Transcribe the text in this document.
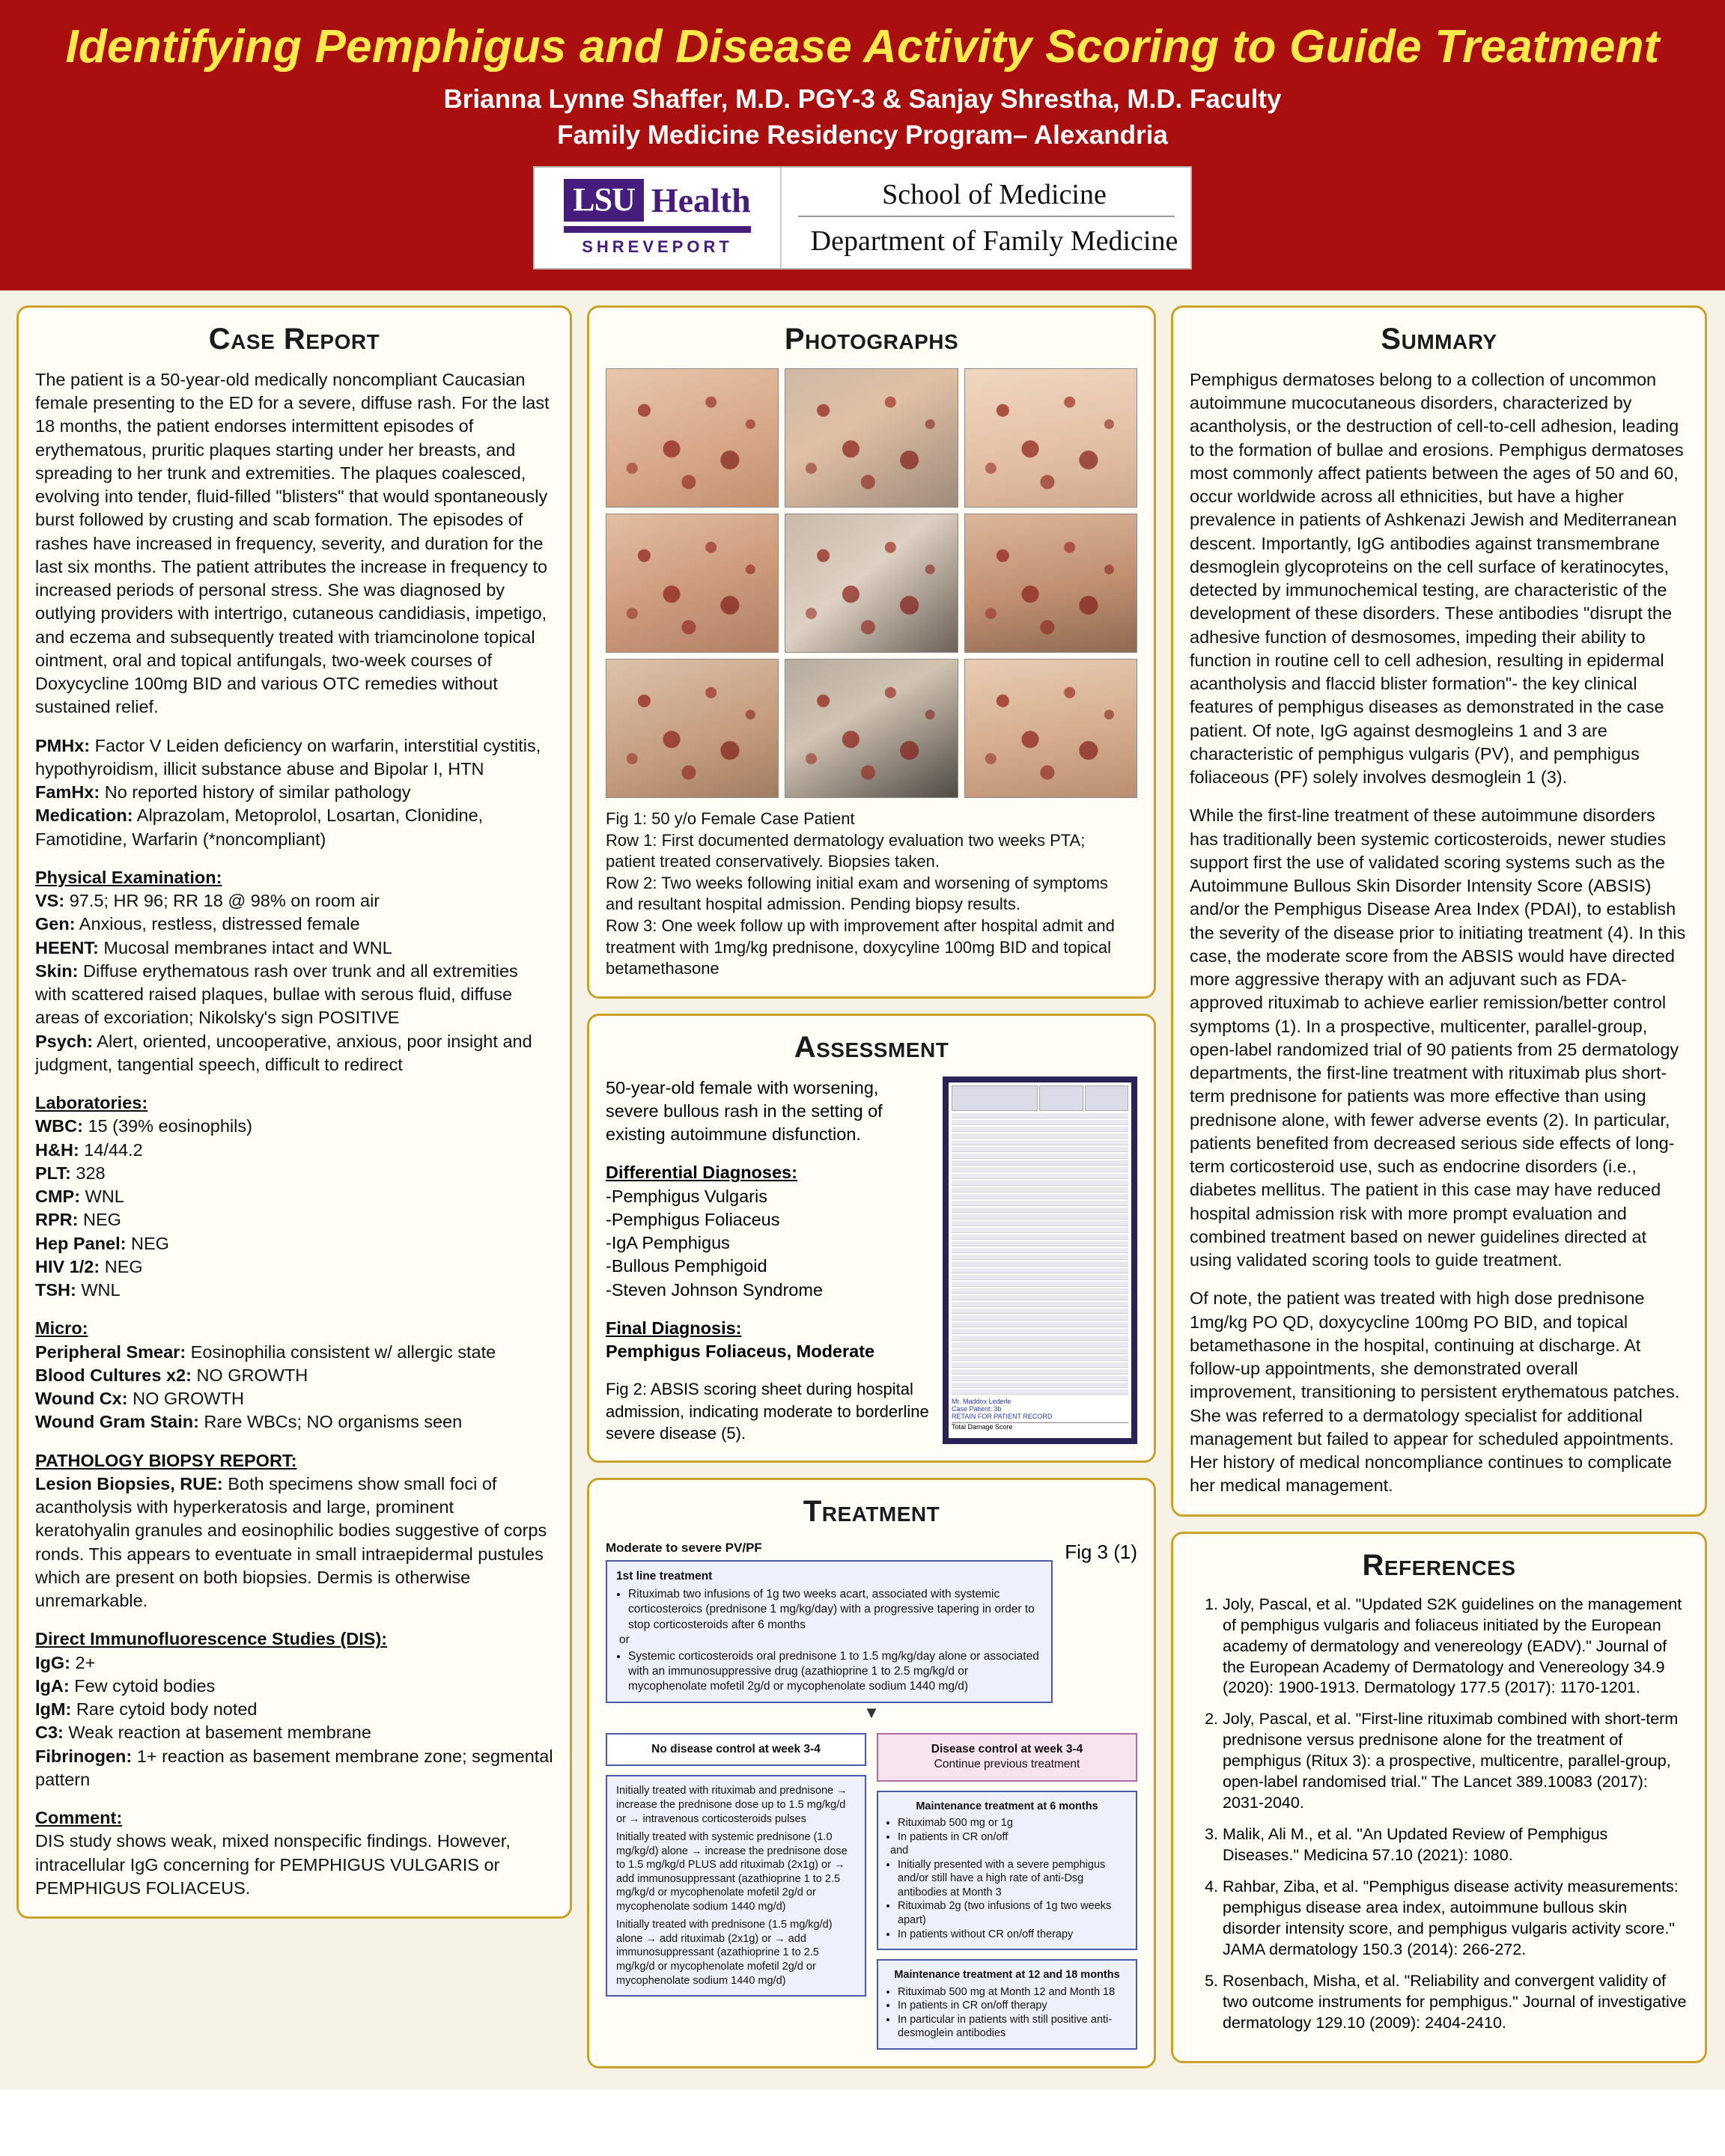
Identifying Pemphigus and Disease Activity Scoring to Guide Treatment
Brianna Lynne Shaffer, M.D. PGY-3 & Sanjay Shrestha, M.D. Faculty
Family Medicine Residency Program– Alexandria
LSU Health
SHREVEPORT
School of Medicine
Department of Family Medicine
Case Report

The patient is a 50-year-old medically noncompliant Caucasian female presenting to the ED for a severe, diffuse rash. For the last 18 months, the patient endorses intermittent episodes of erythematous, pruritic plaques starting under her breasts, and spreading to her trunk and extremities. The plaques coalesced, evolving into tender, fluid-filled "blisters" that would spontaneously burst followed by crusting and scab formation. The episodes of rashes have increased in frequency, severity, and duration for the last six months. The patient attributes the increase in frequency to increased periods of personal stress. She was diagnosed by outlying providers with intertrigo, cutaneous candidiasis, impetigo, and eczema and subsequently treated with triamcinolone topical ointment, oral and topical antifungals, two-week courses of Doxycycline 100mg BID and various OTC remedies without sustained relief.

PMHx: Factor V Leiden deficiency on warfarin, interstitial cystitis, hypothyroidism, illicit substance abuse and Bipolar I, HTN
FamHx: No reported history of similar pathology
Medication: Alprazolam, Metoprolol, Losartan, Clonidine, Famotidine, Warfarin (*noncompliant)

Physical Examination:
VS: 97.5; HR 96; RR 18 @ 98% on room air
Gen: Anxious, restless, distressed female
HEENT: Mucosal membranes intact and WNL
Skin: Diffuse erythematous rash over trunk and all extremities with scattered raised plaques, bullae with serous fluid, diffuse areas of excoriation; Nikolsky's sign POSITIVE
Psych: Alert, oriented, uncooperative, anxious, poor insight and judgment, tangential speech, difficult to redirect

Laboratories:
WBC: 15 (39% eosinophils)
H&H: 14/44.2
PLT: 328
CMP: WNL
RPR: NEG
Hep Panel: NEG
HIV 1/2: NEG
TSH: WNL

Micro:
Peripheral Smear: Eosinophilia consistent w/ allergic state
Blood Cultures x2: NO GROWTH
Wound Cx: NO GROWTH
Wound Gram Stain: Rare WBCs; NO organisms seen

PATHOLOGY BIOPSY REPORT:
Lesion Biopsies, RUE: Both specimens show small foci of acantholysis with hyperkeratosis and large, prominent keratohyalin granules and eosinophilic bodies suggestive of corps ronds. This appears to eventuate in small intraepidermal pustules which are present on both biopsies. Dermis is otherwise unremarkable.

Direct Immunofluorescence Studies (DIS):
IgG: 2+
IgA: Few cytoid bodies
IgM: Rare cytoid body noted
C3: Weak reaction at basement membrane
Fibrinogen: 1+ reaction as basement membrane zone; segmental pattern

Comment:
DIS study shows weak, mixed nonspecific findings. However, intracellular IgG concerning for PEMPHIGUS VULGARIS or PEMPHIGUS FOLIACEUS.

Photographs
Fig 1: 50 y/o Female Case Patient
Row 1: First documented dermatology evaluation two weeks PTA; patient treated conservatively. Biopsies taken.
Row 2: Two weeks following initial exam and worsening of symptoms and resultant hospital admission. Pending biopsy results.
Row 3: One week follow up with improvement after hospital admit and treatment with 1mg/kg prednisone, doxycyline 100mg BID and topical betamethasone
Assessment

50-year-old female with worsening, severe bullous rash in the setting of existing autoimmune disfunction.

Differential Diagnoses:
-Pemphigus Vulgaris
-Pemphigus Foliaceus
-IgA Pemphigus
-Bullous Pemphigoid
-Steven Johnson Syndrome

Final Diagnosis:
Pemphigus Foliaceus, Moderate

Fig 2: ABSIS scoring sheet during hospital admission, indicating moderate to borderline severe disease (5).

Mr. Maddox Lederle
Case Patient: 3b
RETAIN FOR PATIENT RECORD
Total Damage Score
Treatment
Moderate to severe PV/PF
1st line treatment
• Rituximab two infusions of 1g two weeks acart, associated with systemic corticosteroics (prednisone 1 mg/kg/day) with a progressive tapering in order to stop corticosteroids after 6 months
or
• Systemic corticosteroids oral prednisone 1 to 1.5 mg/kg/day alone or associated with an immunosuppressive drug (azathioprine 1 to 2.5 mg/kg/d or mycophenolate mofetil 2g/d or mycophenolate sodium 1440 mg/d)
Fig 3 (1)
▼
No disease control at week 3-4
Initially treated with rituximab and prednisone → increase the prednisone dose up to 1.5 mg/kg/d or → intravenous corticosteroids pulses
Initially treated with systemic prednisone (1.0 mg/kg/d) alone → increase the prednisone dose to 1.5 mg/kg/d PLUS add rituximab (2x1g) or → add immunosuppressant (azathioprine 1 to 2.5 mg/kg/d or mycophenolate mofetil 2g/d or mycophenolate sodium 1440 mg/d)
Initially treated with prednisone (1.5 mg/kg/d) alone → add rituximab (2x1g) or → add immunosuppressant (azathioprine 1 to 2.5 mg/kg/d or mycophenolate mofetil 2g/d or mycophenolate sodium 1440 mg/d)
Disease control at week 3-4
Continue previous treatment
Maintenance treatment at 6 months
• Rituximab 500 mg or 1g
• In patients in CR on/off
and
• Initially presented with a severe pemphigus and/or still have a high rate of anti-Dsg antibodies at Month 3
• Rituximab 2g (two infusions of 1g two weeks apart)
• In patients without CR on/off therapy
Maintenance treatment at 12 and 18 months
• Rituximab 500 mg at Month 12 and Month 18
• In patients in CR on/off therapy
• In particular in patients with still positive anti-desmoglein antibodies
Summary

Pemphigus dermatoses belong to a collection of uncommon autoimmune mucocutaneous disorders, characterized by acantholysis, or the destruction of cell-to-cell adhesion, leading to the formation of bullae and erosions. Pemphigus dermatoses most commonly affect patients between the ages of 50 and 60, occur worldwide across all ethnicities, but have a higher prevalence in patients of Ashkenazi Jewish and Mediterranean descent. Importantly, IgG antibodies against transmembrane desmoglein glycoproteins on the cell surface of keratinocytes, detected by immunochemical testing, are characteristic of the development of these disorders. These antibodies "disrupt the adhesive function of desmosomes, impeding their ability to function in routine cell to cell adhesion, resulting in epidermal acantholysis and flaccid blister formation"- the key clinical features of pemphigus diseases as demonstrated in the case patient. Of note, IgG against desmogleins 1 and 3 are characteristic of pemphigus vulgaris (PV), and pemphigus foliaceous (PF) solely involves desmoglein 1 (3).

While the first-line treatment of these autoimmune disorders has traditionally been systemic corticosteroids, newer studies support first the use of validated scoring systems such as the Autoimmune Bullous Skin Disorder Intensity Score (ABSIS) and/or the Pemphigus Disease Area Index (PDAI), to establish the severity of the disease prior to initiating treatment (4). In this case, the moderate score from the ABSIS would have directed more aggressive therapy with an adjuvant such as FDA-approved rituximab to achieve earlier remission/better control symptoms (1). In a prospective, multicenter, parallel-group, open-label randomized trial of 90 patients from 25 dermatology departments, the first-line treatment with rituximab plus short-term prednisone for patients was more effective than using prednisone alone, with fewer adverse events (2). In particular, patients benefited from decreased serious side effects of long-term corticosteroid use, such as endocrine disorders (i.e., diabetes mellitus. The patient in this case may have reduced hospital admission risk with more prompt evaluation and combined treatment based on newer guidelines directed at using validated scoring tools to guide treatment.

Of note, the patient was treated with high dose prednisone 1mg/kg PO QD, doxycycline 100mg PO BID, and topical betamethasone in the hospital, continuing at discharge. At follow-up appointments, she demonstrated overall improvement, transitioning to persistent erythematous patches. She was referred to a dermatology specialist for additional management but failed to appear for scheduled appointments. Her history of medical noncompliance continues to complicate her medical management.

References
1. Joly, Pascal, et al. "Updated S2K guidelines on the management of pemphigus vulgaris and foliaceus initiated by the European academy of dermatology and venereology (EADV)." Journal of the European Academy of Dermatology and Venereology 34.9 (2020): 1900-1913. Dermatology 177.5 (2017): 1170-1201.
2. Joly, Pascal, et al. "First-line rituximab combined with short-term prednisone versus prednisone alone for the treatment of pemphigus (Ritux 3): a prospective, multicentre, parallel-group, open-label randomised trial." The Lancet 389.10083 (2017): 2031-2040.
3. Malik, Ali M., et al. "An Updated Review of Pemphigus Diseases." Medicina 57.10 (2021): 1080.
4. Rahbar, Ziba, et al. "Pemphigus disease activity measurements: pemphigus disease area index, autoimmune bullous skin disorder intensity score, and pemphigus vulgaris activity score." JAMA dermatology 150.3 (2014): 266-272.
5. Rosenbach, Misha, et al. "Reliability and convergent validity of two outcome instruments for pemphigus." Journal of investigative dermatology 129.10 (2009): 2404-2410.
